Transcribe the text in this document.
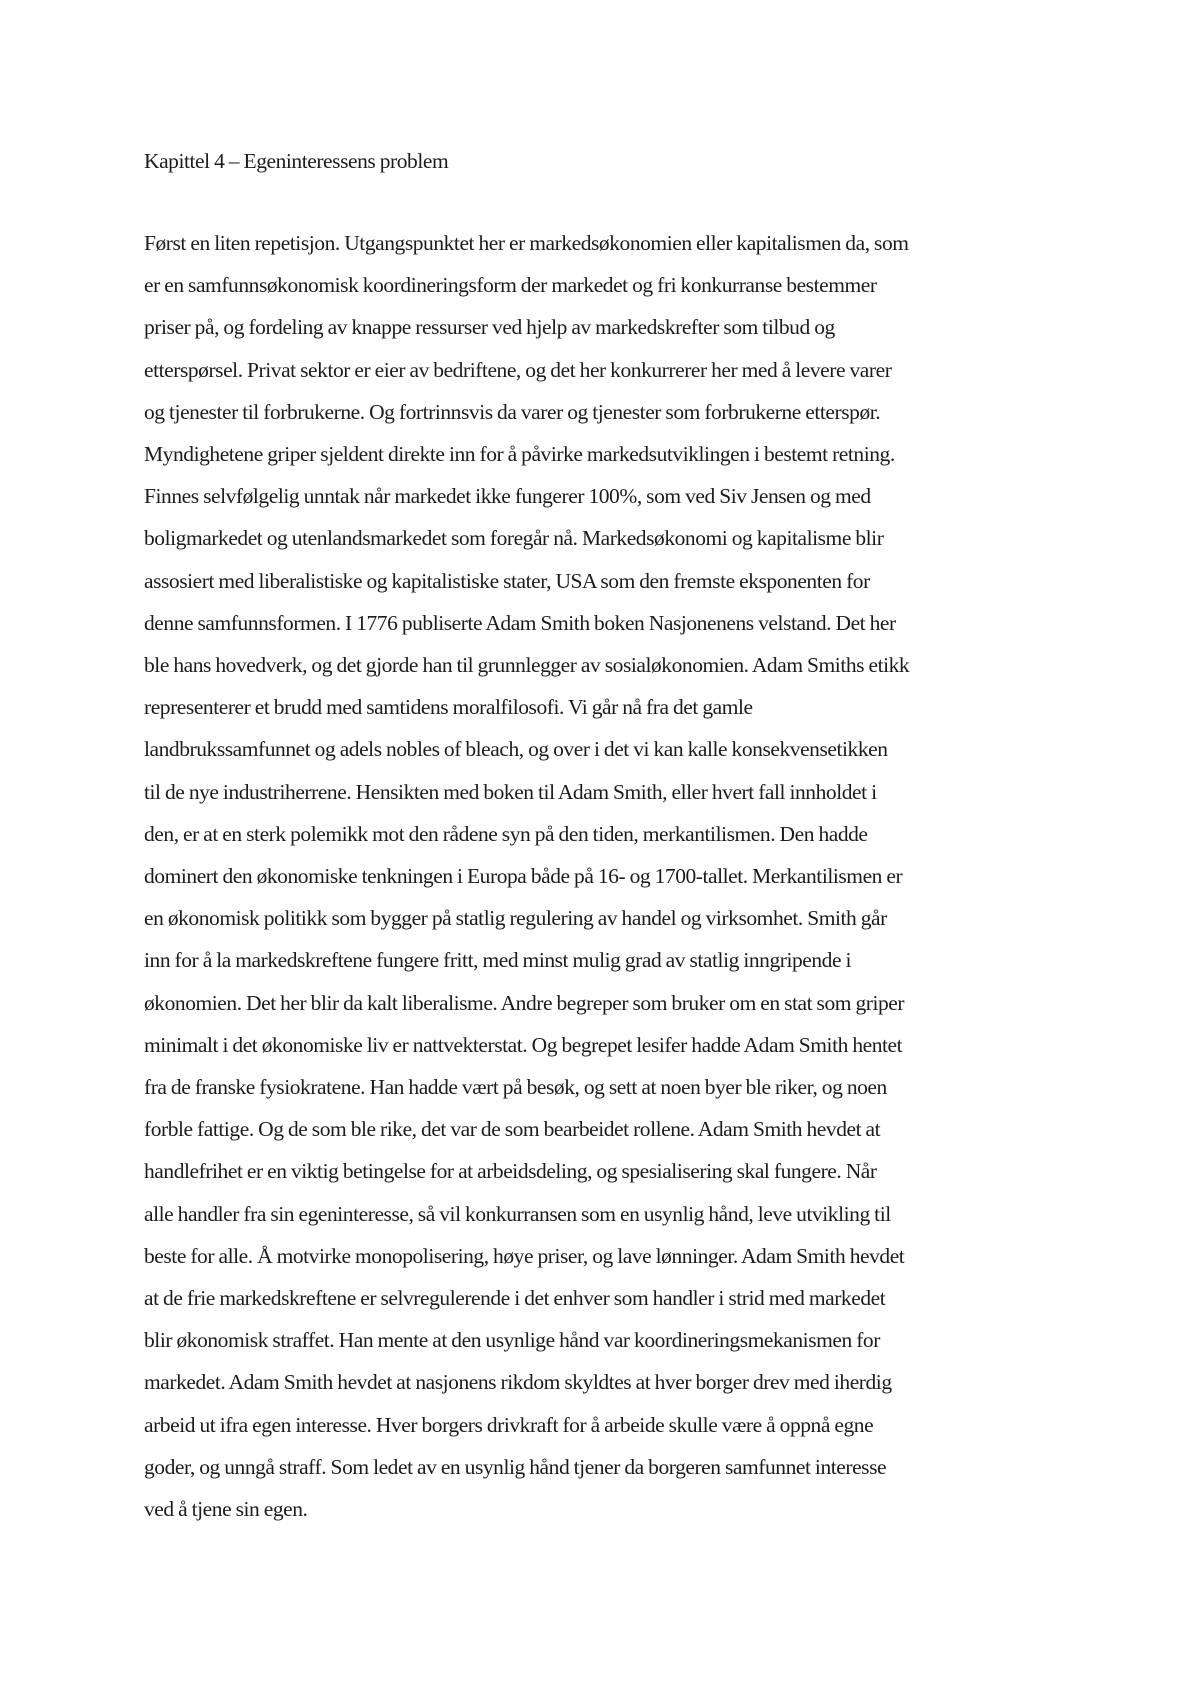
Kapittel 4 – Egeninteressens problem

Først en liten repetisjon. Utgangspunktet her er markedsøkonomien eller kapitalismen da, som
er en samfunnsøkonomisk koordineringsform der markedet og fri konkurranse bestemmer
priser på, og fordeling av knappe ressurser ved hjelp av markedskrefter som tilbud og
etterspørsel. Privat sektor er eier av bedriftene, og det her konkurrerer her med å levere varer
og tjenester til forbrukerne. Og fortrinnsvis da varer og tjenester som forbrukerne etterspør.
Myndighetene griper sjeldent direkte inn for å påvirke markedsutviklingen i bestemt retning.
Finnes selvfølgelig unntak når markedet ikke fungerer 100%, som ved Siv Jensen og med
boligmarkedet og utenlandsmarkedet som foregår nå. Markedsøkonomi og kapitalisme blir
assosiert med liberalistiske og kapitalistiske stater, USA som den fremste eksponenten for
denne samfunnsformen. I 1776 publiserte Adam Smith boken Nasjonenens velstand. Det her
ble hans hovedverk, og det gjorde han til grunnlegger av sosialøkonomien. Adam Smiths etikk
representerer et brudd med samtidens moralfilosofi. Vi går nå fra det gamle
landbrukssamfunnet og adels nobles of bleach, og over i det vi kan kalle konsekvensetikken
til de nye industriherrene. Hensikten med boken til Adam Smith, eller hvert fall innholdet i
den, er at en sterk polemikk mot den rådene syn på den tiden, merkantilismen. Den hadde
dominert den økonomiske tenkningen i Europa både på 16- og 1700-tallet. Merkantilismen er
en økonomisk politikk som bygger på statlig regulering av handel og virksomhet. Smith går
inn for å la markedskreftene fungere fritt, med minst mulig grad av statlig inngripende i
økonomien. Det her blir da kalt liberalisme. Andre begreper som bruker om en stat som griper
minimalt i det økonomiske liv er nattvekterstat. Og begrepet lesifer hadde Adam Smith hentet
fra de franske fysiokratene. Han hadde vært på besøk, og sett at noen byer ble riker, og noen
forble fattige. Og de som ble rike, det var de som bearbeidet rollene. Adam Smith hevdet at
handlefrihet er en viktig betingelse for at arbeidsdeling, og spesialisering skal fungere. Når
alle handler fra sin egeninteresse, så vil konkurransen som en usynlig hånd, leve utvikling til
beste for alle. Å motvirke monopolisering, høye priser, og lave lønninger. Adam Smith hevdet
at de frie markedskreftene er selvregulerende i det enhver som handler i strid med markedet
blir økonomisk straffet. Han mente at den usynlige hånd var koordineringsmekanismen for
markedet. Adam Smith hevdet at nasjonens rikdom skyldtes at hver borger drev med iherdig
arbeid ut ifra egen interesse. Hver borgers drivkraft for å arbeide skulle være å oppnå egne
goder, og unngå straff. Som ledet av en usynlig hånd tjener da borgeren samfunnet interesse
ved å tjene sin egen.
